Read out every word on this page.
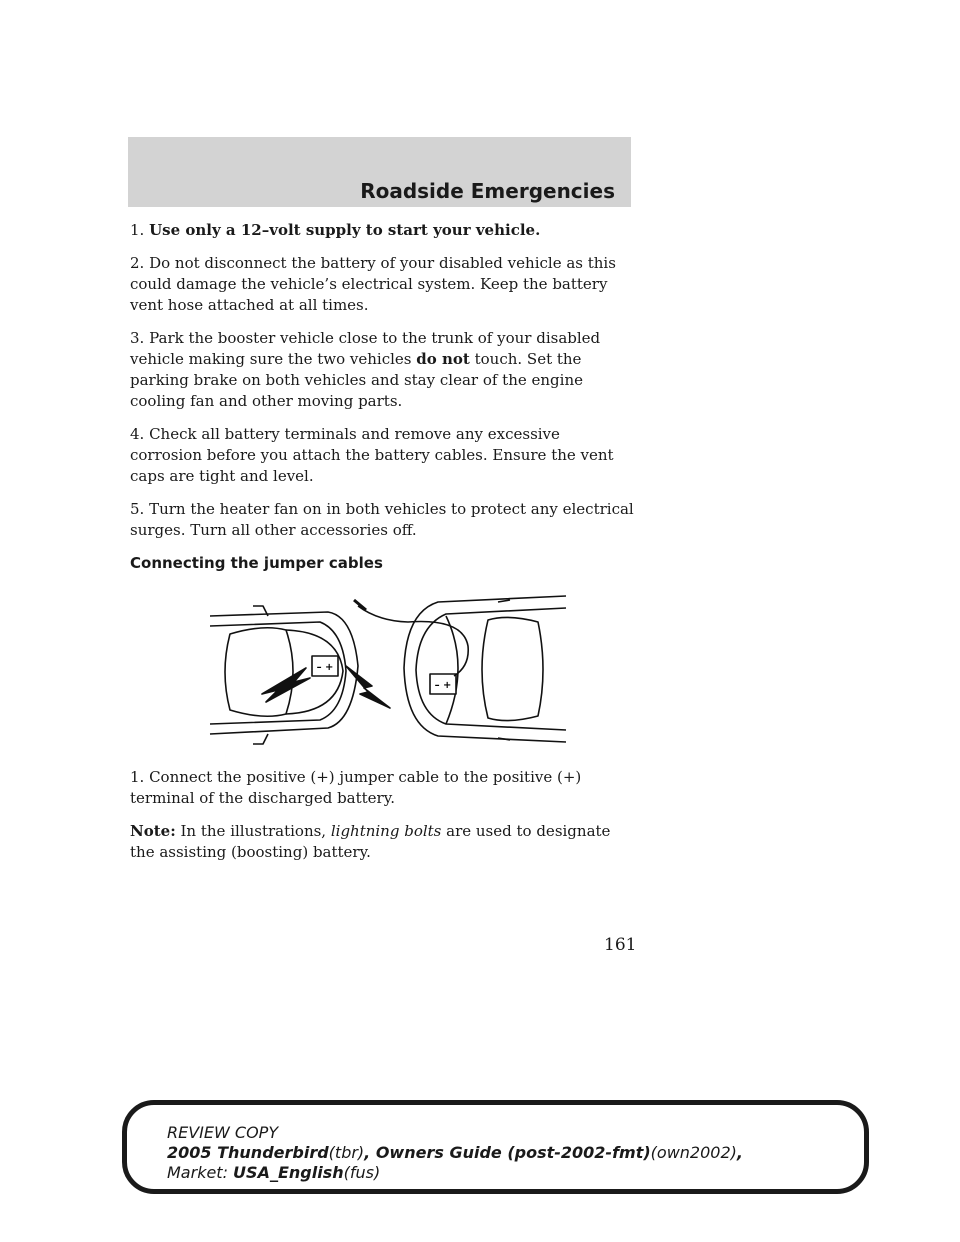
Roadside Emergencies

1. Use only a 12–volt supply to start your vehicle.

2. Do not disconnect the battery of your disabled vehicle as this could damage the vehicle’s electrical system. Keep the battery vent hose attached at all times.

3. Park the booster vehicle close to the trunk of your disabled vehicle making sure the two vehicles do not touch. Set the parking brake on both vehicles and stay clear of the engine cooling fan and other moving parts.

4. Check all battery terminals and remove any excessive corrosion before you attach the battery cables. Ensure the vent caps are tight and level.

5. Turn the heater fan on in both vehicles to protect any electrical surges. Turn all other accessories off.

Connecting the jumper cables

– +
– +

1. Connect the positive (+) jumper cable to the positive (+) terminal of the discharged battery.

Note: In the illustrations, lightning bolts are used to designate the assisting (boosting) battery.

161
REVIEW COPY
2005 Thunderbird(tbr), Owners Guide (post-2002-fmt)(own2002),
Market: USA_English(fus)
